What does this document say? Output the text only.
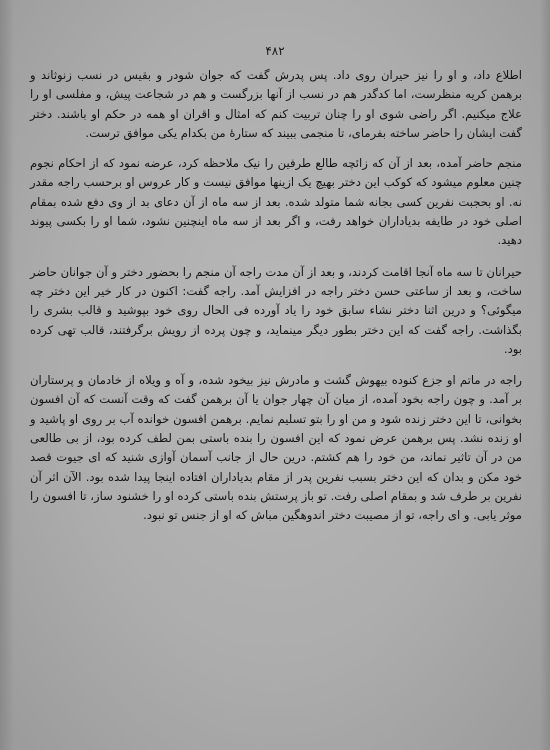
۴۸۲

اطلاع داد، و او را نیز حیران روی داد. پس پدرش گفت که جوان شودر و بقیس در نسب زنوثاند و برهمن کریه منظرست، اما کدگدر هم در نسب از آنها بزرگست و هم در شجاعت پیش، و مفلسی او را علاج میکنیم. اگر راضی شوی او را چنان تربیت کنم که امثال و اقران او همه در حکم او باشند. دختر گفت ایشان را حاضر ساخته بفرمای، تا منجمی ببیند که ستارهٔ من بکدام یکی موافق ترست.

منجم حاضر آمده، بعد از آن که زائچه طالع طرفین را نیک ملاحظه کرد، عرضه نمود که از احکام نجوم چنین معلوم میشود که کوکب این دختر بهیچ یک ازینها موافق نیست و کار عروس او برحسب راجه مقدر نه. او بحجبت نفرین کسی بجانه شما متولد شده. بعد از سه ماه از آن دعای بد از وی دفع شده بمقام اصلی خود در طایفه بدیاداران خواهد رفت، و اگر بعد از سه ماه اینچنین نشود، شما او را بکسی پیوند دهید.

حیرانان تا سه ماه آنجا اقامت کردند، و بعد از آن مدت راجه آن منجم را بحضور دختر و آن جوانان حاضر ساخت، و بعد از ساعتی حسن دختر راجه در افزایش آمد. راجه گفت: اکنون در کار خیر این دختر چه میگوئی؟ و درین اثنا دختر نشاء سابق خود را یاد آورده فی الحال روی خود بپوشید و قالب بشری را بگذاشت. راجه گفت که این دختر بطور دیگر مینماید، و چون پرده از رویش برگرفتند، قالب تهی کرده بود.

راجه در ماتم او جزع کنوده بیهوش گشت و مادرش نیز بیخود شده، و آه و ویلاه از خادمان و پرستاران بر آمد. و چون راجه بخود آمده، از میان آن چهار جوان یا آن برهمن گفت که وقت آنست که آن افسون بخوانی، تا این دختر زنده شود و من او را بتو تسلیم نمایم. برهمن افسون خوانده آب بر روی او پاشید و او زنده نشد. پس برهمن عرض نمود که این افسون را بنده باستی بمن لطف کرده بود، از بی طالعی من در آن تاثیر نماند، من خود را هم کشتم. درین حال از جانب آسمان آوازی شنید که ای جیوت قصد خود مکن و بدان که این دختر بسبب نفرین پدر از مقام بدیاداران افتاده اینجا پیدا شده بود. الآن اثر آن نفرین بر طرف شد و بمقام اصلی رفت. تو باز پرستش بنده باستی کرده او را خشنود ساز، تا افسون را موثر یابی. و ای راجه، تو از مصیبت دختر اندوهگین مباش که او از جنس تو نبود.
